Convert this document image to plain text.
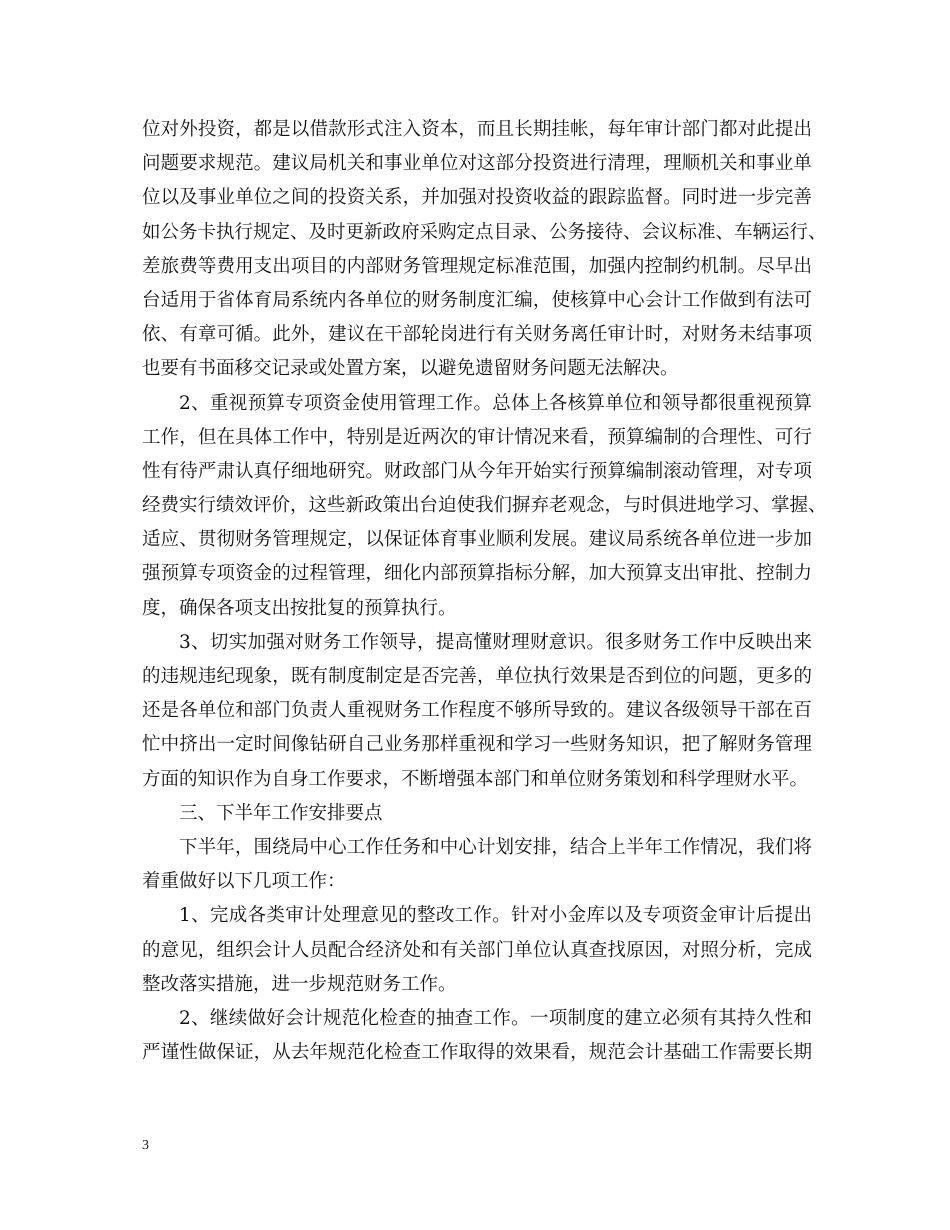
位对外投资，都是以借款形式注入资本，而且长期挂帐，每年审计部门都对此提出
问题要求规范。建议局机关和事业单位对这部分投资进行清理，理顺机关和事业单
位以及事业单位之间的投资关系，并加强对投资收益的跟踪监督。同时进一步完善
如公务卡执行规定、及时更新政府采购定点目录、公务接待、会议标准、车辆运行、
差旅费等费用支出项目的内部财务管理规定标准范围，加强内控制约机制。尽早出
台适用于省体育局系统内各单位的财务制度汇编，使核算中心会计工作做到有法可
依、有章可循。此外，建议在干部轮岗进行有关财务离任审计时，对财务未结事项
也要有书面移交记录或处置方案，以避免遗留财务问题无法解决。
2、重视预算专项资金使用管理工作。总体上各核算单位和领导都很重视预算
工作，但在具体工作中，特别是近两次的审计情况来看，预算编制的合理性、可行
性有待严肃认真仔细地研究。财政部门从今年开始实行预算编制滚动管理，对专项
经费实行绩效评价，这些新政策出台迫使我们摒弃老观念，与时俱进地学习、掌握、
适应、贯彻财务管理规定，以保证体育事业顺利发展。建议局系统各单位进一步加
强预算专项资金的过程管理，细化内部预算指标分解，加大预算支出审批、控制力
度，确保各项支出按批复的预算执行。
3、切实加强对财务工作领导，提高懂财理财意识。很多财务工作中反映出来
的违规违纪现象，既有制度制定是否完善，单位执行效果是否到位的问题，更多的
还是各单位和部门负责人重视财务工作程度不够所导致的。建议各级领导干部在百
忙中挤出一定时间像钻研自己业务那样重视和学习一些财务知识，把了解财务管理
方面的知识作为自身工作要求，不断增强本部门和单位财务策划和科学理财水平。
三、下半年工作安排要点
下半年，围绕局中心工作任务和中心计划安排，结合上半年工作情况，我们将
着重做好以下几项工作：
1、完成各类审计处理意见的整改工作。针对小金库以及专项资金审计后提出
的意见，组织会计人员配合经济处和有关部门单位认真查找原因，对照分析，完成
整改落实措施，进一步规范财务工作。
2、继续做好会计规范化检查的抽查工作。一项制度的建立必须有其持久性和
严谨性做保证，从去年规范化检查工作取得的效果看，规范会计基础工作需要长期
3
